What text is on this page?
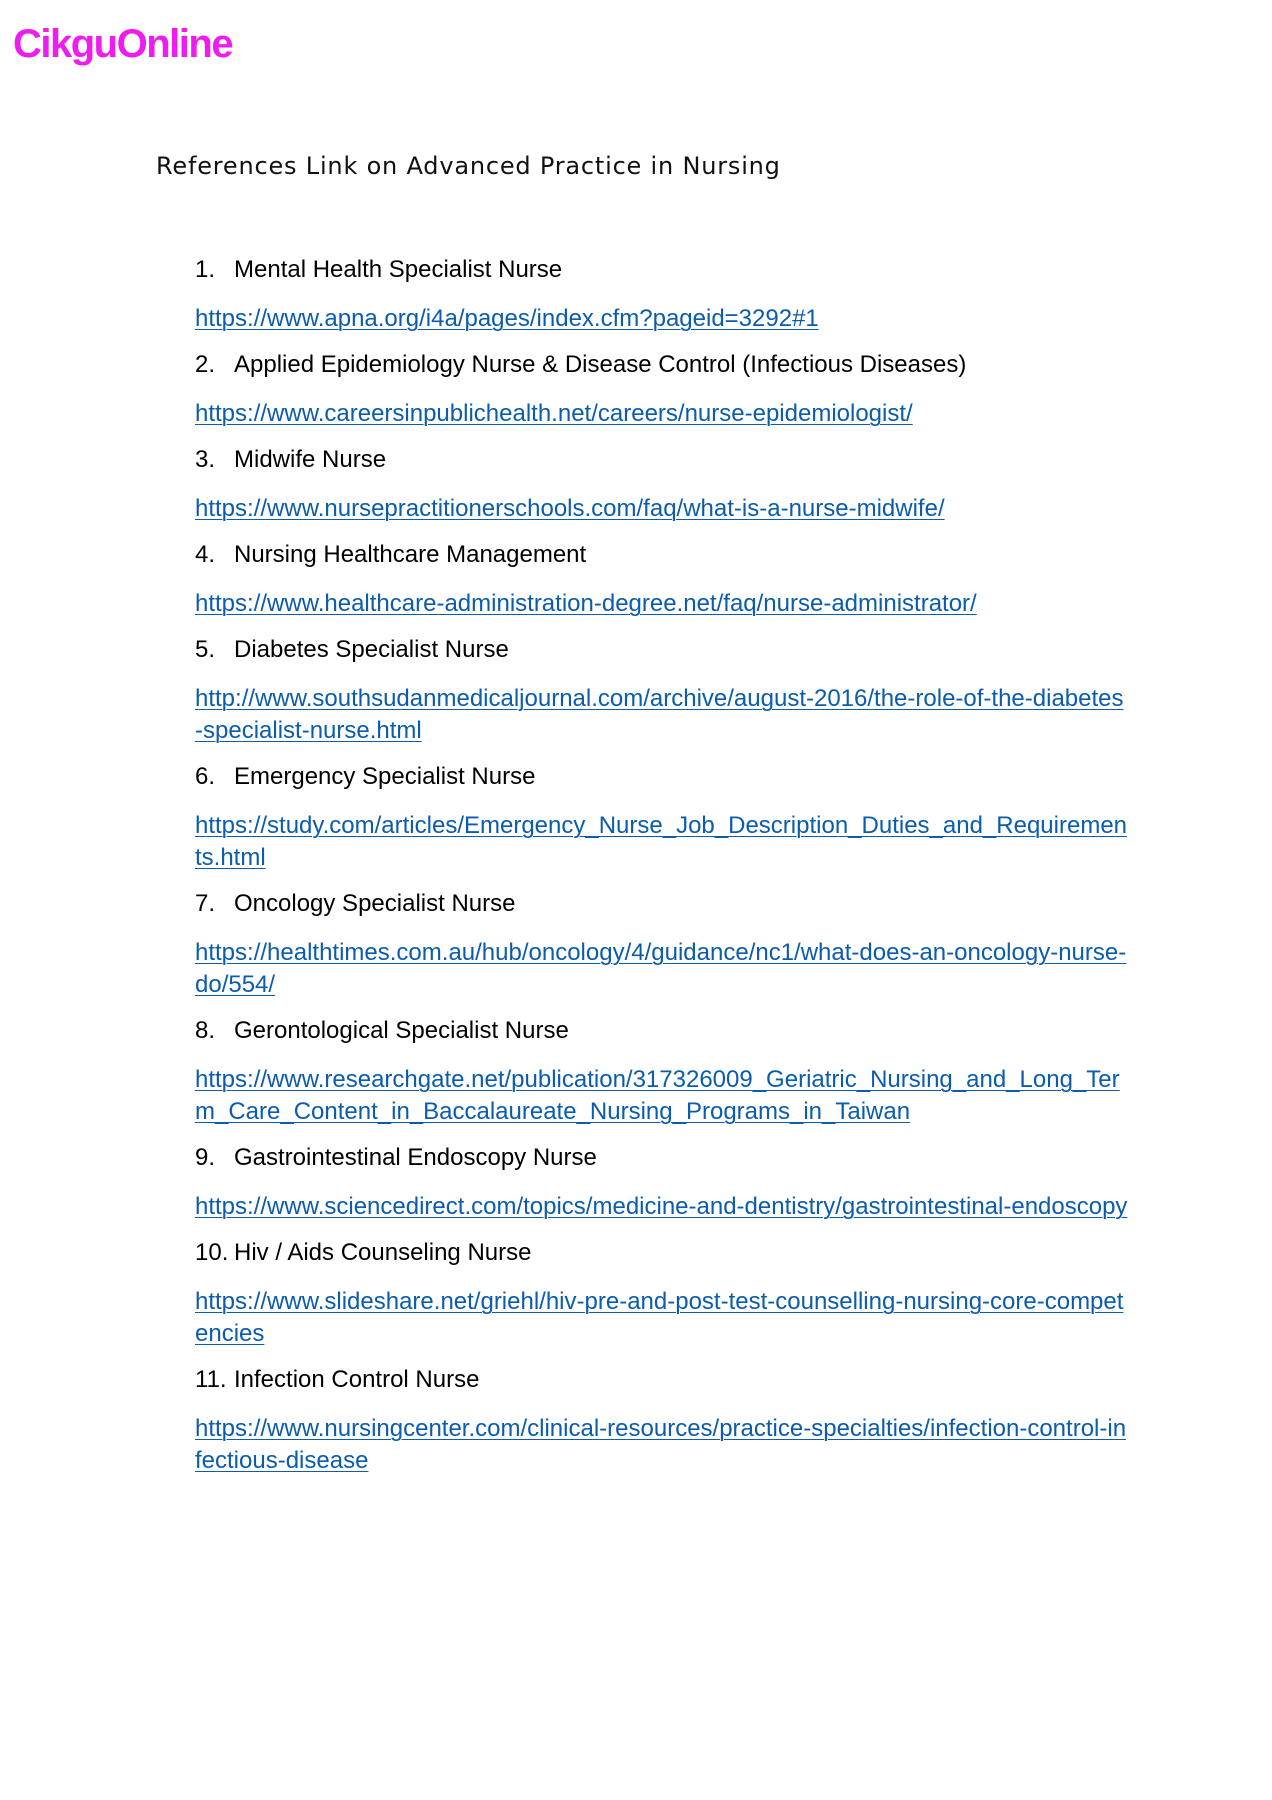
CikguOnline
References Link on Advanced Practice in Nursing
1. Mental Health Specialist Nurse
https://www.apna.org/i4a/pages/index.cfm?pageid=3292#1
2. Applied Epidemiology Nurse & Disease Control (Infectious Diseases)
https://www.careersinpublichealth.net/careers/nurse-epidemiologist/
3. Midwife Nurse
https://www.nursepractitionerschools.com/faq/what-is-a-nurse-midwife/
4. Nursing Healthcare Management
https://www.healthcare-administration-degree.net/faq/nurse-administrator/
5. Diabetes Specialist Nurse
http://www.southsudanmedicaljournal.com/archive/august-2016/the-role-of-the-diabetes-specialist-nurse.html
6. Emergency Specialist Nurse
https://study.com/articles/Emergency_Nurse_Job_Description_Duties_and_Requirements.html
7. Oncology Specialist Nurse
https://healthtimes.com.au/hub/oncology/4/guidance/nc1/what-does-an-oncology-nurse-do/554/
8. Gerontological Specialist Nurse
https://www.researchgate.net/publication/317326009_Geriatric_Nursing_and_Long_Term_Care_Content_in_Baccalaureate_Nursing_Programs_in_Taiwan
9. Gastrointestinal Endoscopy Nurse
https://www.sciencedirect.com/topics/medicine-and-dentistry/gastrointestinal-endoscopy
10. Hiv / Aids Counseling Nurse
https://www.slideshare.net/griehl/hiv-pre-and-post-test-counselling-nursing-core-competencies
11. Infection Control Nurse
https://www.nursingcenter.com/clinical-resources/practice-specialties/infection-control-infectious-disease
